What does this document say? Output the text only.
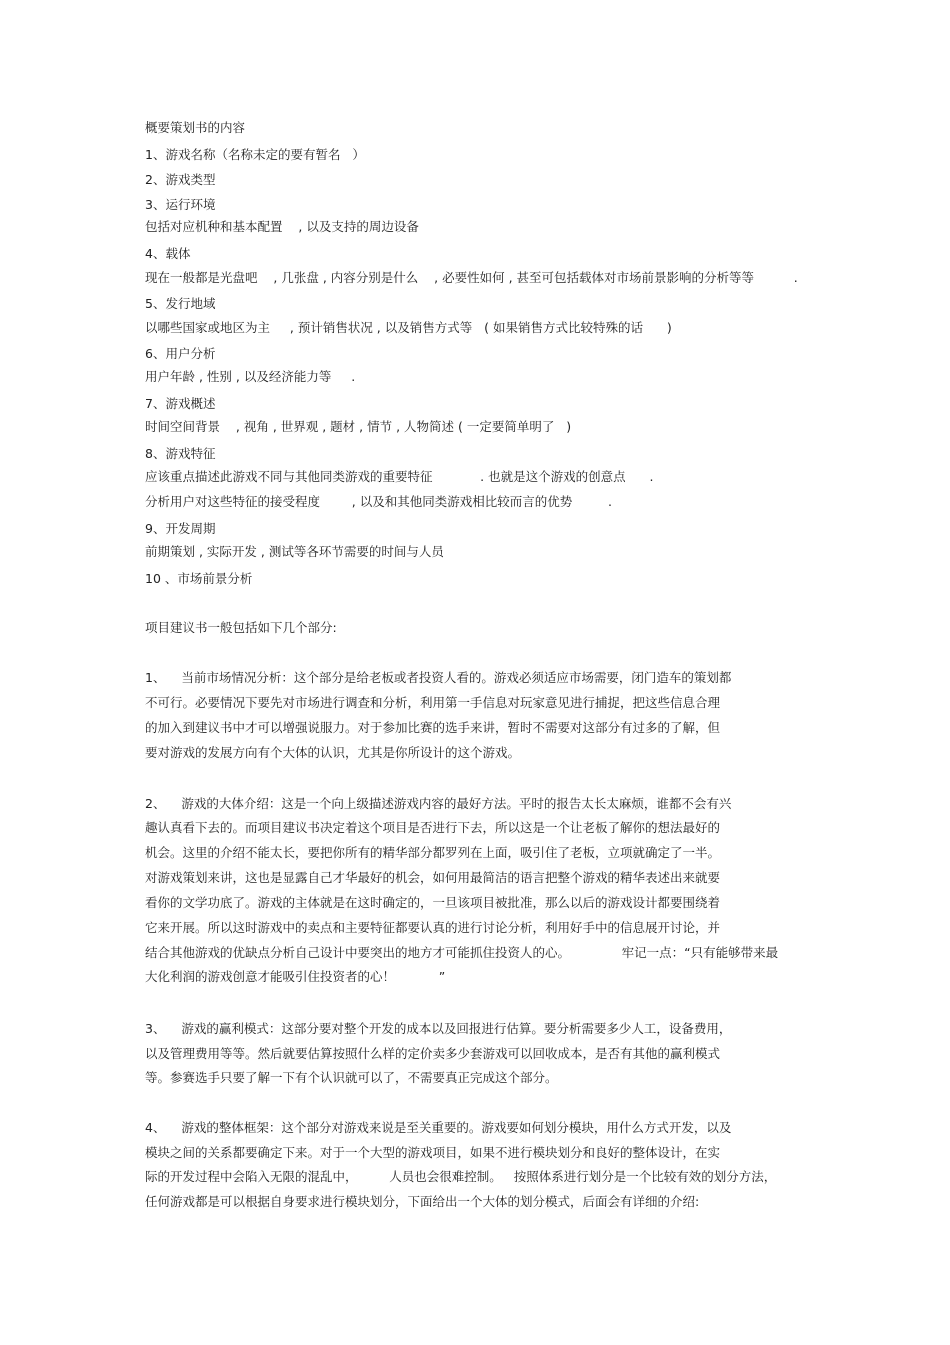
概要策划书的内容
1、游戏名称（名称未定的要有暂名   ）
2、游戏类型
3、运行环境
包括对应机种和基本配置    , 以及支持的周边设备
4、载体
现在一般都是光盘吧    , 几张盘 , 内容分别是什么    , 必要性如何 , 甚至可包括载体对市场前景影响的分析等等          .
5、发行地域
以哪些国家或地区为主     , 预计销售状况 , 以及销售方式等   ( 如果销售方式比较特殊的话      )
6、用户分析
用户年龄 , 性别 , 以及经济能力等     .
7、游戏概述
时间空间背景    , 视角 , 世界观 , 题材 , 情节 , 人物简述 ( 一定要简单明了   )
8、游戏特征
应该重点描述此游戏不同与其他同类游戏的重要特征            . 也就是这个游戏的创意点      .
分析用户对这些特征的接受程度        , 以及和其他同类游戏相比较而言的优势         .
9、开发周期
前期策划 , 实际开发 , 测试等各环节需要的时间与人员
10 、市场前景分析
项目建议书一般包括如下几个部分:
1、    当前市场情况分析：这个部分是给老板或者投资人看的。游戏必须适应市场需要，闭门造车的策划都
不可行。必要情况下要先对市场进行调查和分析，利用第一手信息对玩家意见进行捕捉，把这些信息合理
的加入到建议书中才可以增强说服力。对于参加比赛的选手来讲，暂时不需要对这部分有过多的了解，但
要对游戏的发展方向有个大体的认识，尤其是你所设计的这个游戏。
2、    游戏的大体介绍：这是一个向上级描述游戏内容的最好方法。平时的报告太长太麻烦，谁都不会有兴
趣认真看下去的。而项目建议书决定着这个项目是否进行下去，所以这是一个让老板了解你的想法最好的
机会。这里的介绍不能太长，要把你所有的精华部分都罗列在上面，吸引住了老板，立项就确定了一半。
对游戏策划来讲，这也是显露自己才华最好的机会，如何用最简洁的语言把整个游戏的精华表述出来就要
看你的文学功底了。游戏的主体就是在这时确定的，一旦该项目被批准，那么以后的游戏设计都要围绕着
它来开展。所以这时游戏中的卖点和主要特征都要认真的进行讨论分析，利用好手中的信息展开讨论，并
结合其他游戏的优缺点分析自己设计中要突出的地方才可能抓住投资人的心。             牢记一点：“只有能够带来最
大化利润的游戏创意才能吸引住投资者的心！           ”
3、    游戏的赢利模式：这部分要对整个开发的成本以及回报进行估算。要分析需要多少人工，设备费用，
以及管理费用等等。然后就要估算按照什么样的定价卖多少套游戏可以回收成本，是否有其他的赢利模式
等。参赛选手只要了解一下有个认识就可以了，不需要真正完成这个部分。
4、    游戏的整体框架：这个部分对游戏来说是至关重要的。游戏要如何划分模块，用什么方式开发，以及
模块之间的关系都要确定下来。对于一个大型的游戏项目，如果不进行模块划分和良好的整体设计，在实
际的开发过程中会陷入无限的混乱中，        人员也会很难控制。   按照体系进行划分是一个比较有效的划分方法，
任何游戏都是可以根据自身要求进行模块划分，下面给出一个大体的划分模式，后面会有详细的介绍:
